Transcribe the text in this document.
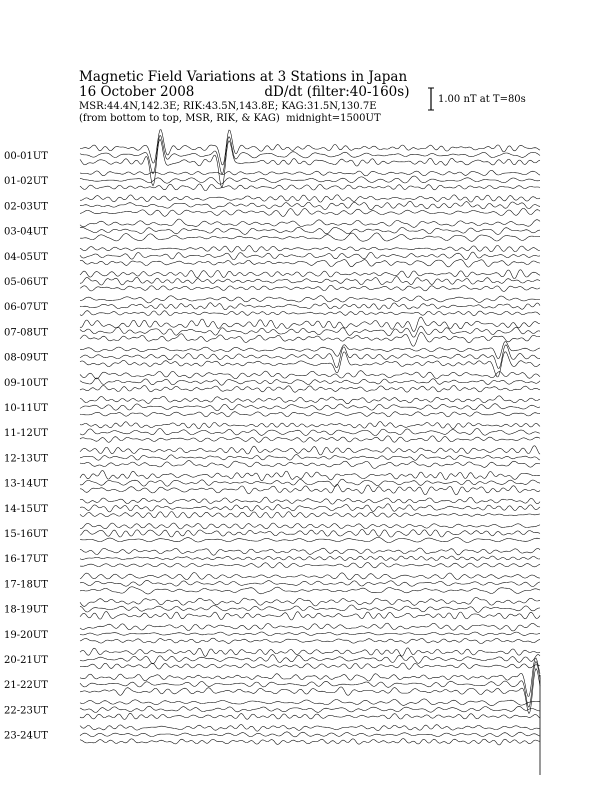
00-01UT
01-02UT
02-03UT
03-04UT
04-05UT
05-06UT
06-07UT
07-08UT
08-09UT
09-10UT
10-11UT
11-12UT
12-13UT
13-14UT
14-15UT
15-16UT
16-17UT
17-18UT
18-19UT
19-20UT
20-21UT
21-22UT
22-23UT
23-24UT
Magnetic Field Variations at 3 Stations in Japan
16 October 2008	dD/dt (filter:40-160s)
MSR:44.4N,142.3E; RIK:43.5N,143.8E; KAG:31.5N,130.7E
(from bottom to top, MSR, RIK, & KAG) midnight=1500UT
1.00 nT at T=80s
